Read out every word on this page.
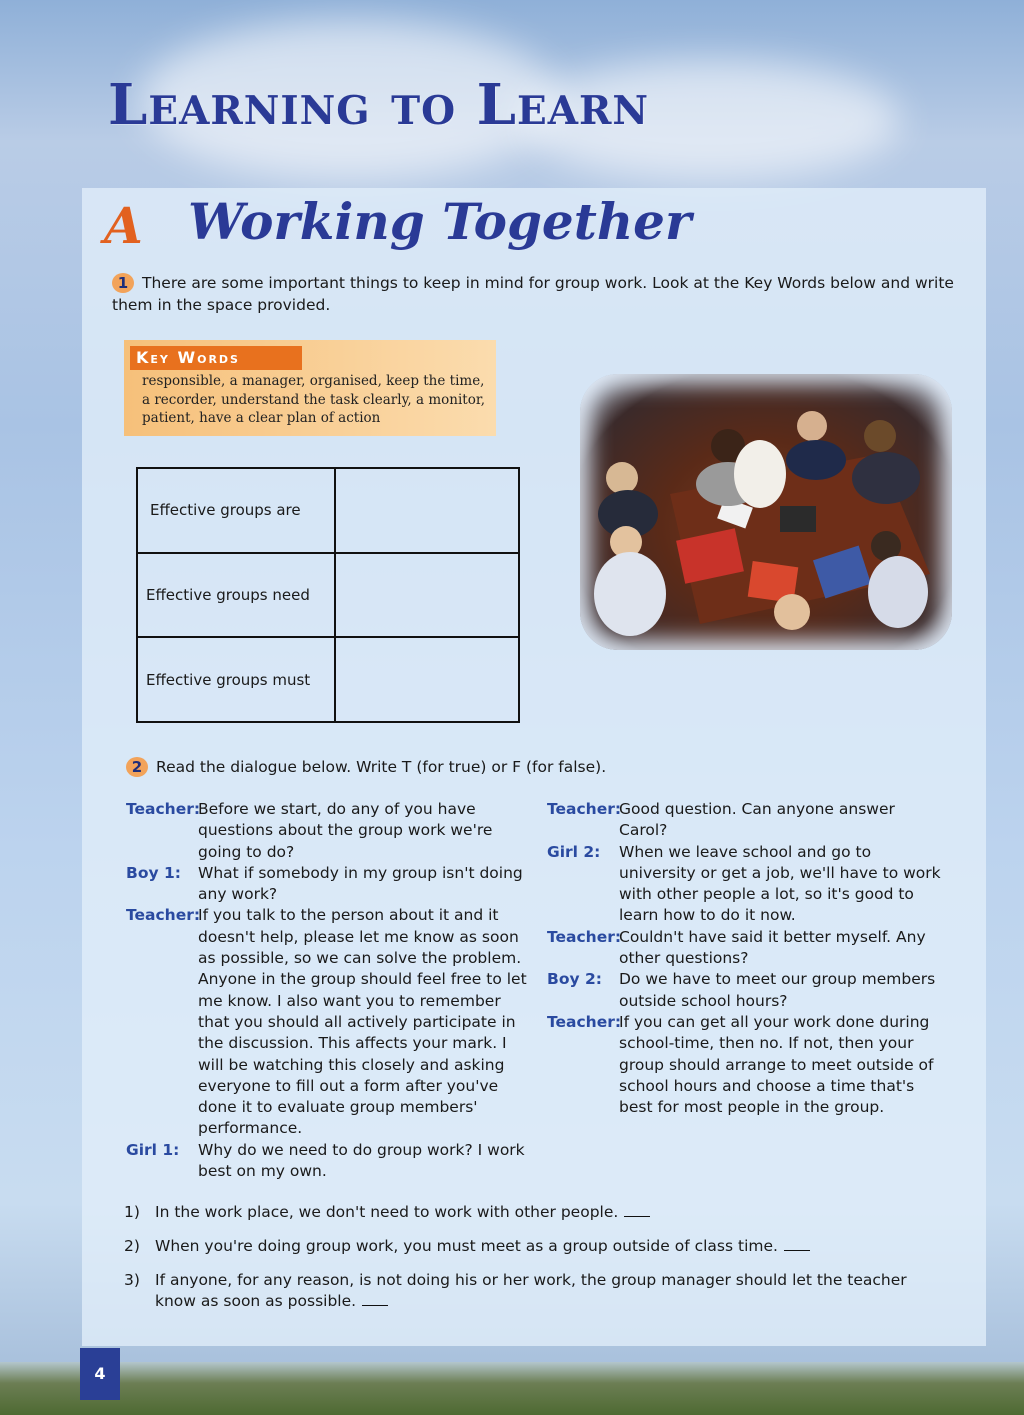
Learning to Learn
A Working Together
1 There are some important things to keep in mind for group work. Look at the Key Words below and write them in the space provided.
Key Words
responsible, a manager, organised, keep the time, a recorder, understand the task clearly, a monitor, patient, have a clear plan of action
Effective groups are	
Effective groups need	
Effective groups must	
2 Read the dialogue below. Write T (for true) or F (for false).
Teacher:
Before we start, do any of you have questions about the group work we're going to do?
Boy 1:	What if somebody in my group isn't doing any work?
Teacher:
If you talk to the person about it and it doesn't help, please let me know as soon as possible, so we can solve the problem. Anyone in the group should feel free to let me know. I also want you to remember that you should all actively participate in the discussion. This affects your mark. I will be watching this closely and asking everyone to fill out a form after you've done it to evaluate group members' performance.
Girl 1:	Why do we need to do group work? I work best on my own.
Teacher:
Good question. Can anyone answer Carol?
Girl 2:	When we leave school and go to university or get a job, we'll have to work with other people a lot, so it's good to learn how to do it now.
Teacher:
Couldn't have said it better myself. Any other questions?
Boy 2:	Do we have to meet our group members outside school hours?
Teacher:
If you can get all your work done during school-time, then no. If not, then your group should arrange to meet outside of school hours and choose a time that's best for most people in the group.
1) In the work place, we don't need to work with other people.
2) When you're doing group work, you must meet as a group outside of class time.
3) If anyone, for any reason, is not doing his or her work, the group manager should let the teacher know as soon as possible.
4
